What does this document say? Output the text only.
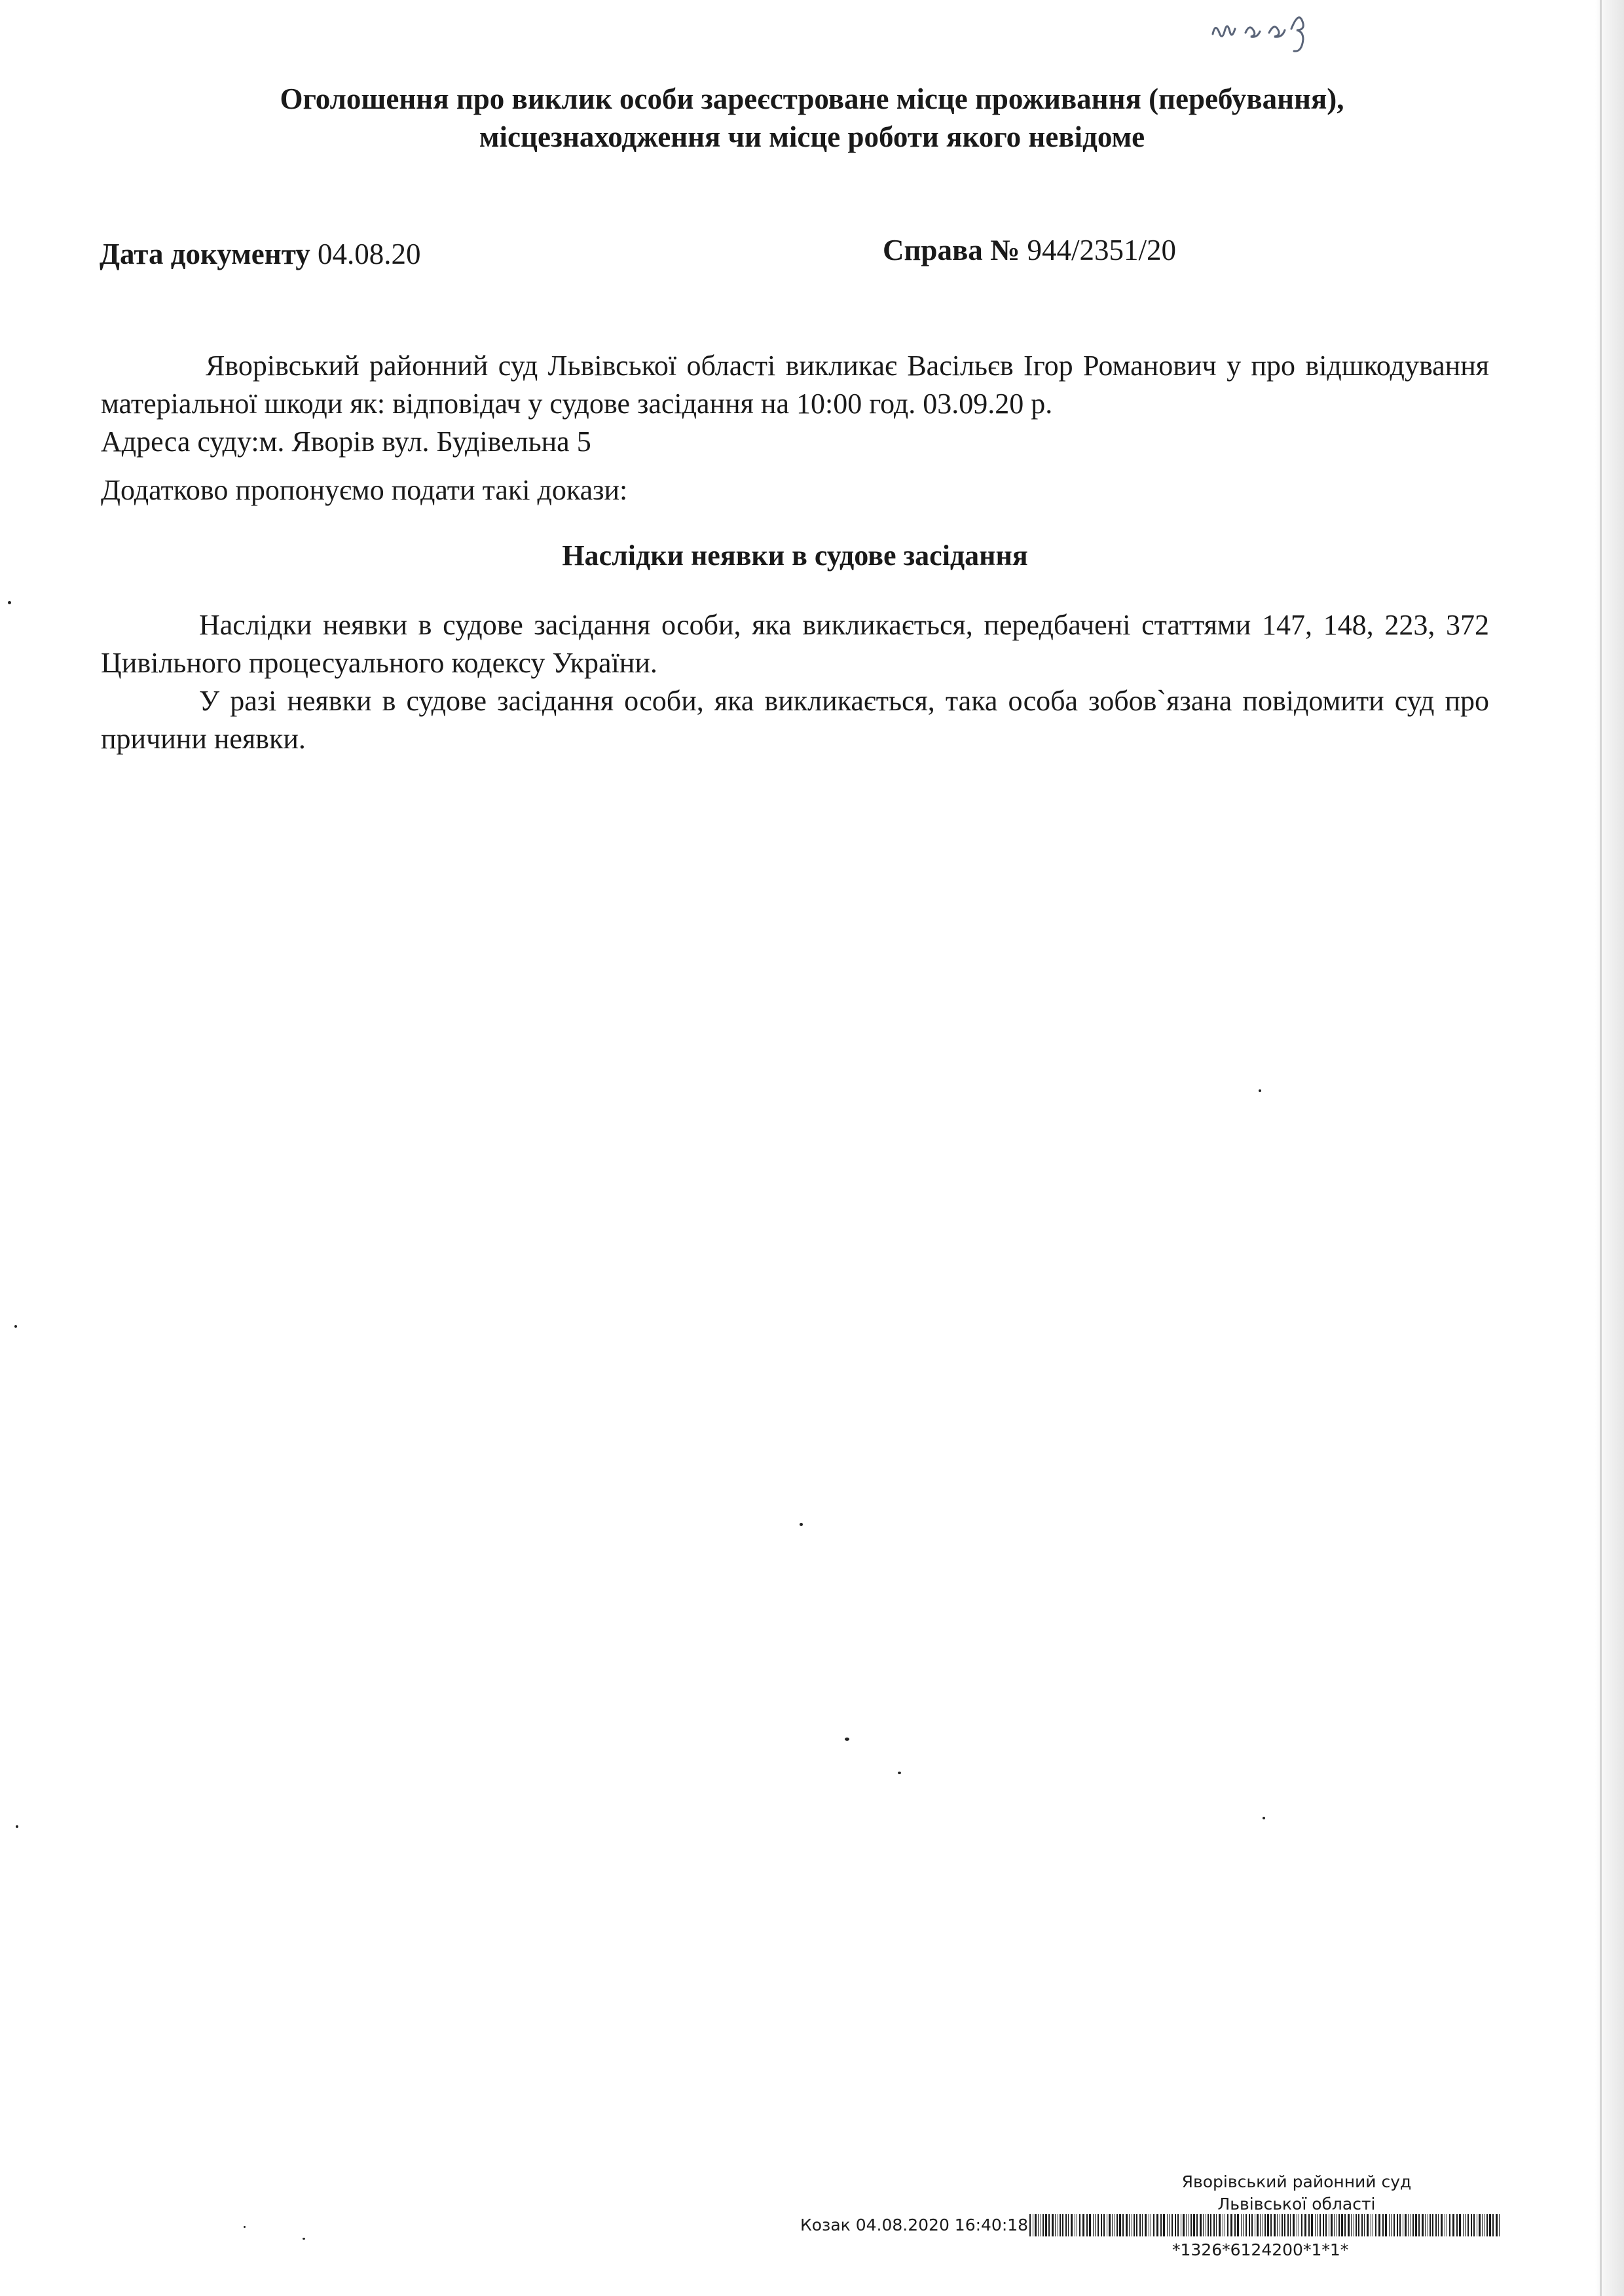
Оголошення про виклик особи зареєстроване місце проживання (перебування),
місцезнаходження чи місце роботи якого невідоме
Дата документу 04.08.20	Справа № 944/2351/20

Яворівський районний суд Львівської області викликає Васільєв Ігор Романович у про відшкодування матеріальної шкоди як: відповідач у судове засідання на 10:00 год. 03.09.20 р.

Адреса суду:м. Яворів вул. Будівельна 5

Додатково пропонуємо подати такі докази:

Наслідки неявки в судове засідання

Наслідки неявки в судове засідання особи, яка викликається, передбачені статтями 147, 148, 223, 372 Цивільного процесуального кодексу України.

У разі неявки в судове засідання особи, яка викликається, така особа зобов`язана повідомити суд про причини неявки.

Яворівський районний суд
Львівської області
Козак 04.08.2020 16:40:18
*1326*6124200*1*1*
